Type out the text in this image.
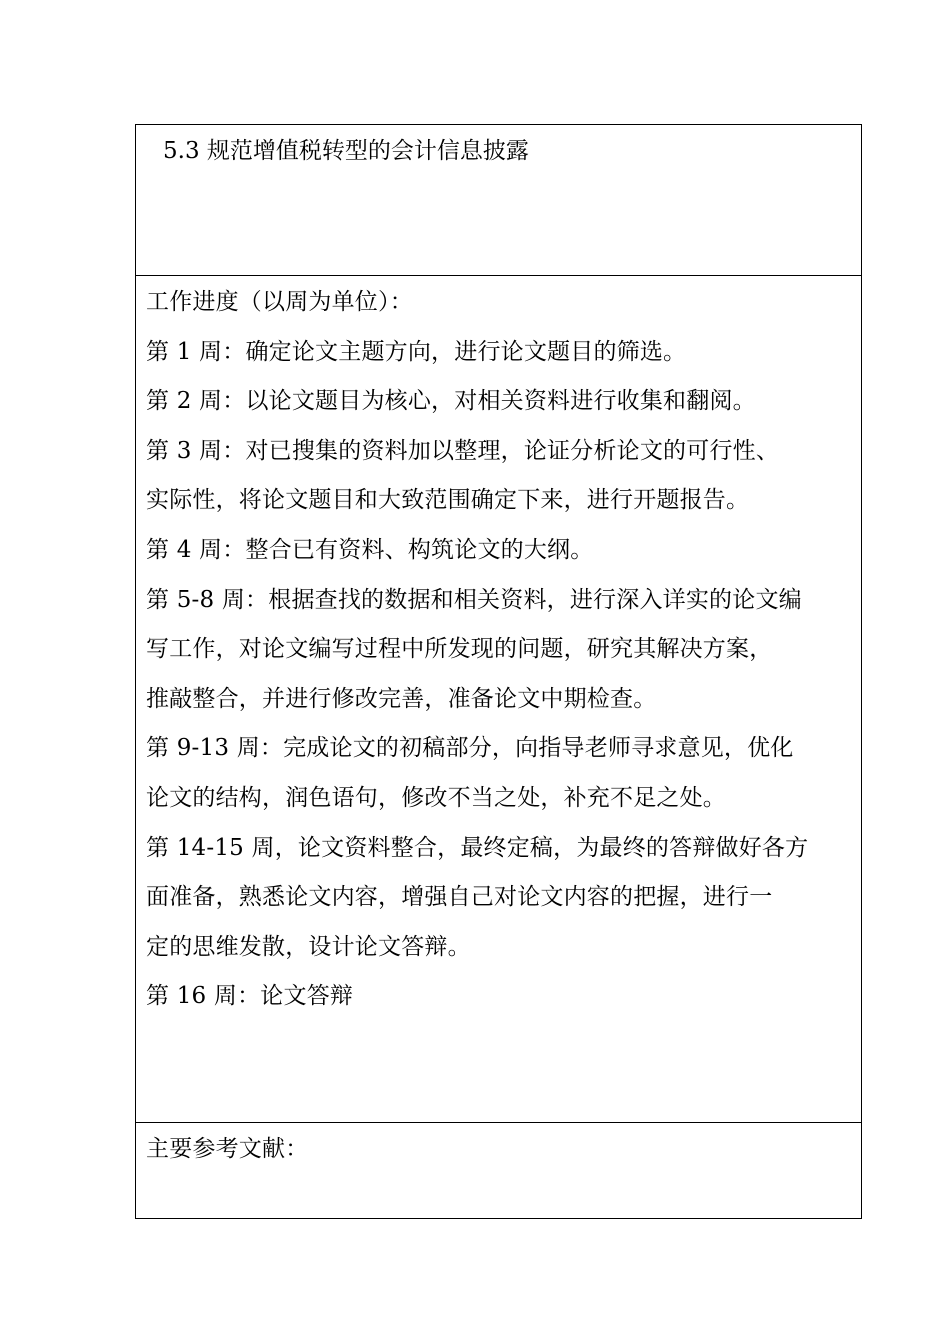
5.3 规范增值税转型的会计信息披露
工作进度（以周为单位）：
第 1 周：确定论文主题方向，进行论文题目的筛选。
第 2 周：以论文题目为核心，对相关资料进行收集和翻阅。
第 3 周：对已搜集的资料加以整理，论证分析论文的可行性、
实际性，将论文题目和大致范围确定下来，进行开题报告。
第 4 周：整合已有资料、构筑论文的大纲。
第 5-8 周：根据查找的数据和相关资料，进行深入详实的论文编
写工作，对论文编写过程中所发现的问题，研究其解决方案，
推敲整合，并进行修改完善，准备论文中期检查。
第 9-13 周：完成论文的初稿部分，向指导老师寻求意见，优化
论文的结构，润色语句，修改不当之处，补充不足之处。
第 14-15 周，论文资料整合，最终定稿，为最终的答辩做好各方
面准备，熟悉论文内容，增强自己对论文内容的把握，进行一
定的思维发散，设计论文答辩。
第 16 周：论文答辩
主要参考文献：
